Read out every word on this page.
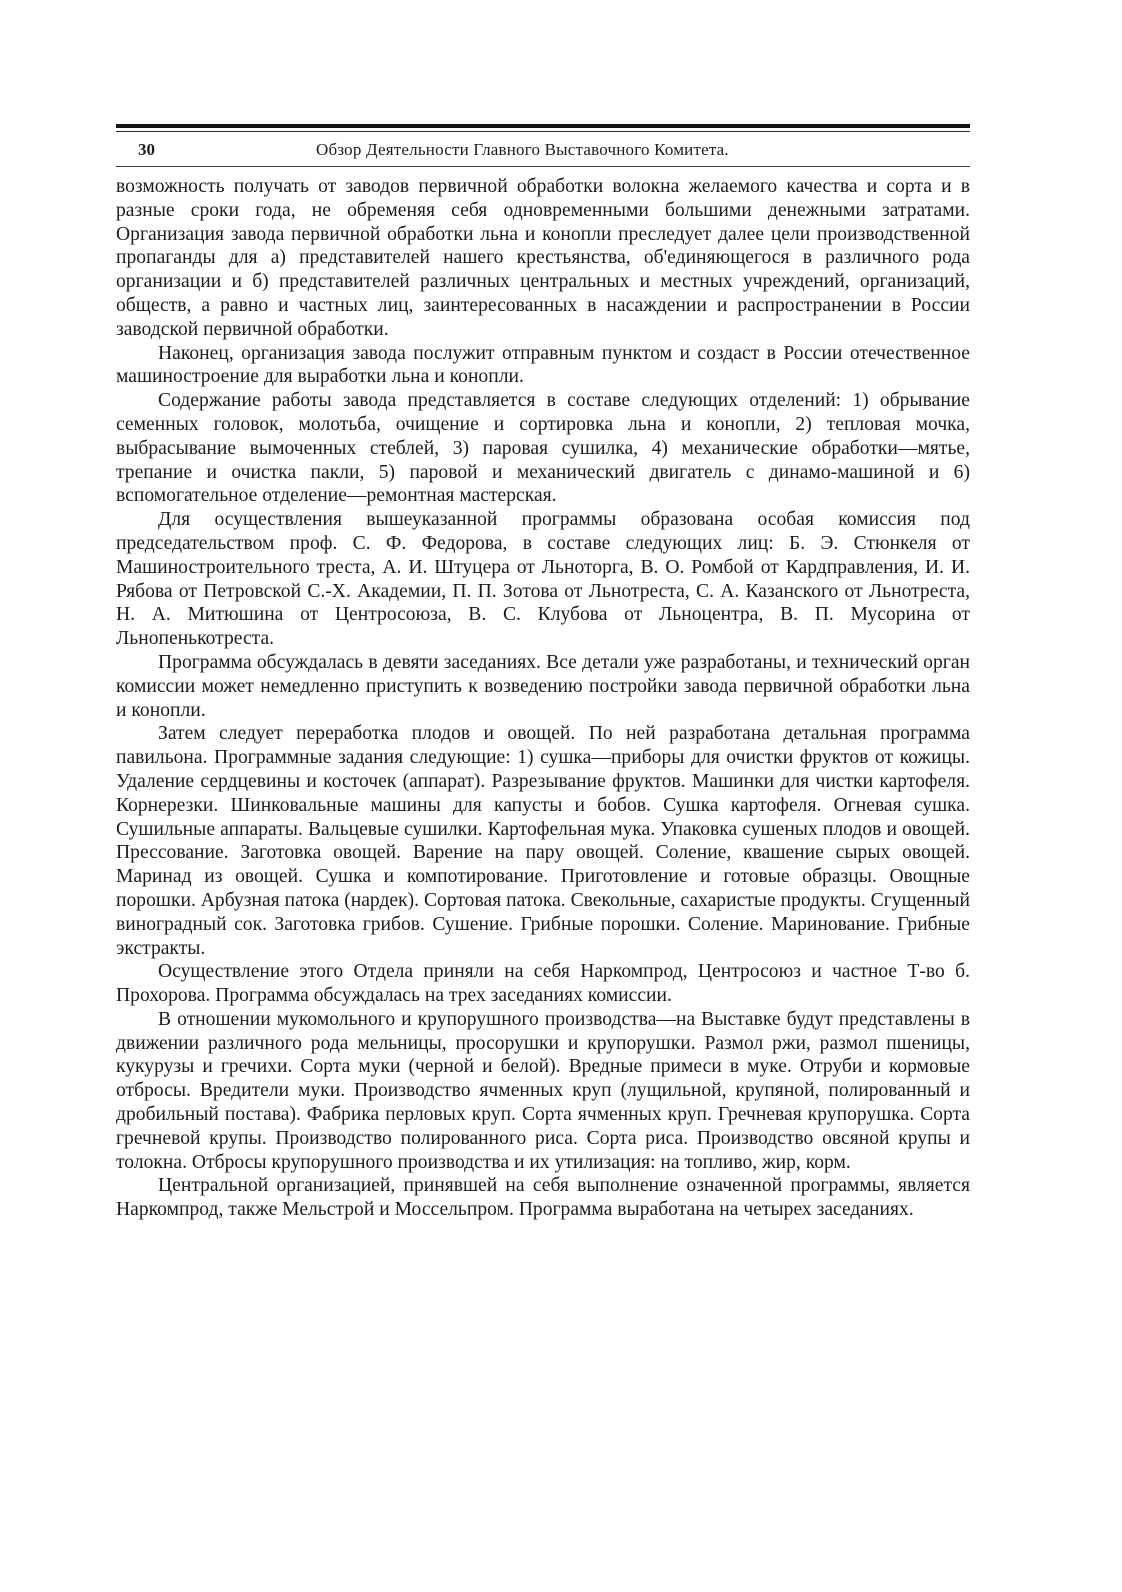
30	Обзор Деятельности Главного Выставочного Комитета.

возможность получать от заводов первичной обработки волокна желаемого качества и сорта и в разные сроки года, не обременяя себя одновременными большими денежными затратами. Организация завода первичной обработки льна и конопли преследует далее цели производственной пропаганды для а) представителей нашего крестьянства, об'единяющегося в различного рода организации и б) представителей различных центральных и местных учреждений, организаций, обществ, а равно и частных лиц, заинтересованных в насаждении и распространении в России заводской первичной обработки.

Наконец, организация завода послужит отправным пунктом и создаст в России отечественное машиностроение для выработки льна и конопли.

Содержание работы завода представляется в составе следующих отделений: 1) обрывание семенных головок, молотьба, очищение и сортировка льна и конопли, 2) тепловая мочка, выбрасывание вымоченных стеблей, 3) паровая сушилка, 4) механические обработки—мятье, трепание и очистка пакли, 5) паровой и механический двигатель с динамо-машиной и 6) вспомогательное отделение—ремонтная мастерская.

Для осуществления вышеуказанной программы образована особая комиссия под председательством проф. С. Ф. Федорова, в составе следующих лиц: Б. Э. Стюнкеля от Машиностроительного треста, А. И. Штуцера от Льноторга, В. О. Ромбой от Кардправления, И. И. Рябова от Петровской С.-Х. Академии, П. П. Зотова от Льнотреста, С. А. Казанского от Льнотреста, Н. А. Митюшина от Центросоюза, В. С. Клубова от Льноцентра, В. П. Мусорина от Льнопенькотреста.

Программа обсуждалась в девяти заседаниях. Все детали уже разработаны, и технический орган комиссии может немедленно приступить к возведению постройки завода первичной обработки льна и конопли.

Затем следует переработка плодов и овощей. По ней разработана детальная программа павильона. Программные задания следующие: 1) сушка—приборы для очистки фруктов от кожицы. Удаление сердцевины и косточек (аппарат). Разрезывание фруктов. Машинки для чистки картофеля. Корнерезки. Шинковальные машины для капусты и бобов. Сушка картофеля. Огневая сушка. Сушильные аппараты. Вальцевые сушилки. Картофельная мука. Упаковка сушеных плодов и овощей. Прессование. Заготовка овощей. Варение на пару овощей. Соление, квашение сырых овощей. Маринад из овощей. Сушка и компотирование. Приготовление и готовые образцы. Овощные порошки. Арбузная патока (нардек). Сортовая патока. Свекольные, сахаристые продукты. Сгущенный виноградный сок. Заготовка грибов. Сушение. Грибные порошки. Соление. Маринование. Грибные экстракты.

Осуществление этого Отдела приняли на себя Наркомпрод, Центросоюз и частное Т-во б. Прохорова. Программа обсуждалась на трех заседаниях комиссии.

В отношении мукомольного и крупорушного производства—на Выставке будут представлены в движении различного рода мельницы, просорушки и крупорушки. Размол ржи, размол пшеницы, кукурузы и гречихи. Сорта муки (черной и белой). Вредные примеси в муке. Отруби и кормовые отбросы. Вредители муки. Производство ячменных круп (лущильной, крупяной, полированный и дробильный постава). Фабрика перловых круп. Сорта ячменных круп. Гречневая крупорушка. Сорта гречневой крупы. Производство полированного риса. Сорта риса. Производство овсяной крупы и толокна. Отбросы крупорушного производства и их утилизация: на топливо, жир, корм.

Центральной организацией, принявшей на себя выполнение означенной программы, является Наркомпрод, также Мельстрой и Моссельпром. Программа выработана на четырех заседаниях.
